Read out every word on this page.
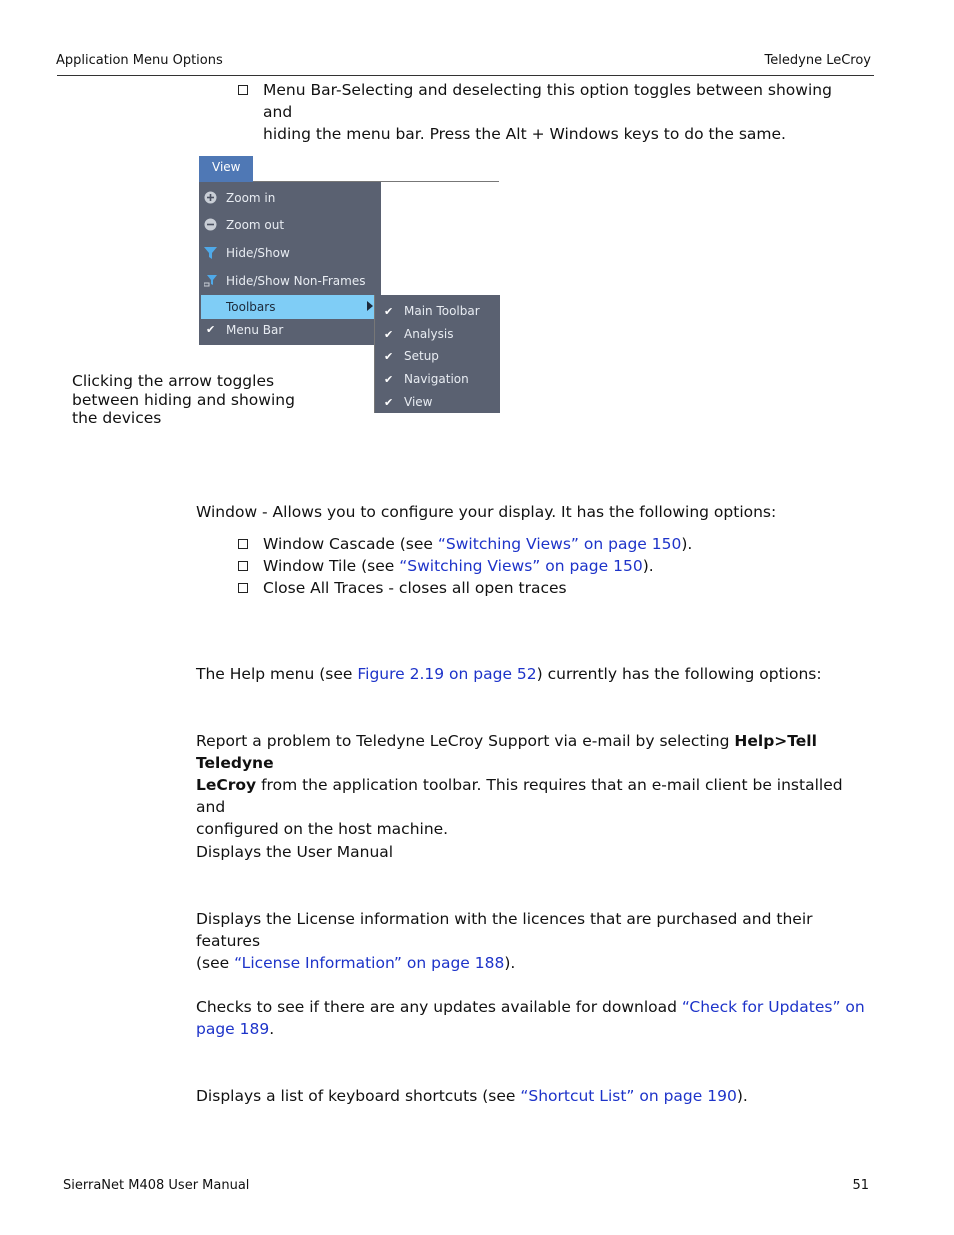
Application Menu Options	Teledyne LeCroy
Menu Bar-Selecting and deselecting this option toggles between showing and
hiding the menu bar. Press the Alt + Windows keys to do the same.
View
Zoom in
Zoom out
Hide/Show
Hide/Show Non-Frames
Toolbars
✔ Menu Bar
✔ Main Toolbar
✔ Analysis
✔ Setup
✔ Navigation
✔ View
Clicking the arrow toggles
between hiding and showing
the devices
Window - Allows you to configure your display. It has the following options:
Window Cascade (see “Switching Views” on page 150).
Window Tile (see “Switching Views” on page 150).
Close All Traces - closes all open traces
The Help menu (see Figure 2.19 on page 52) currently has the following options:
Report a problem to Teledyne LeCroy Support via e-mail by selecting Help>Tell Teledyne
LeCroy from the application toolbar. This requires that an e-mail client be installed and
configured on the host machine.
Displays the User Manual
Displays the License information with the licences that are purchased and their features
(see “License Information” on page 188).
Checks to see if there are any updates available for download “Check for Updates” on
page 189.
Displays a list of keyboard shortcuts (see “Shortcut List” on page 190).
SierraNet M408 User Manual	51
